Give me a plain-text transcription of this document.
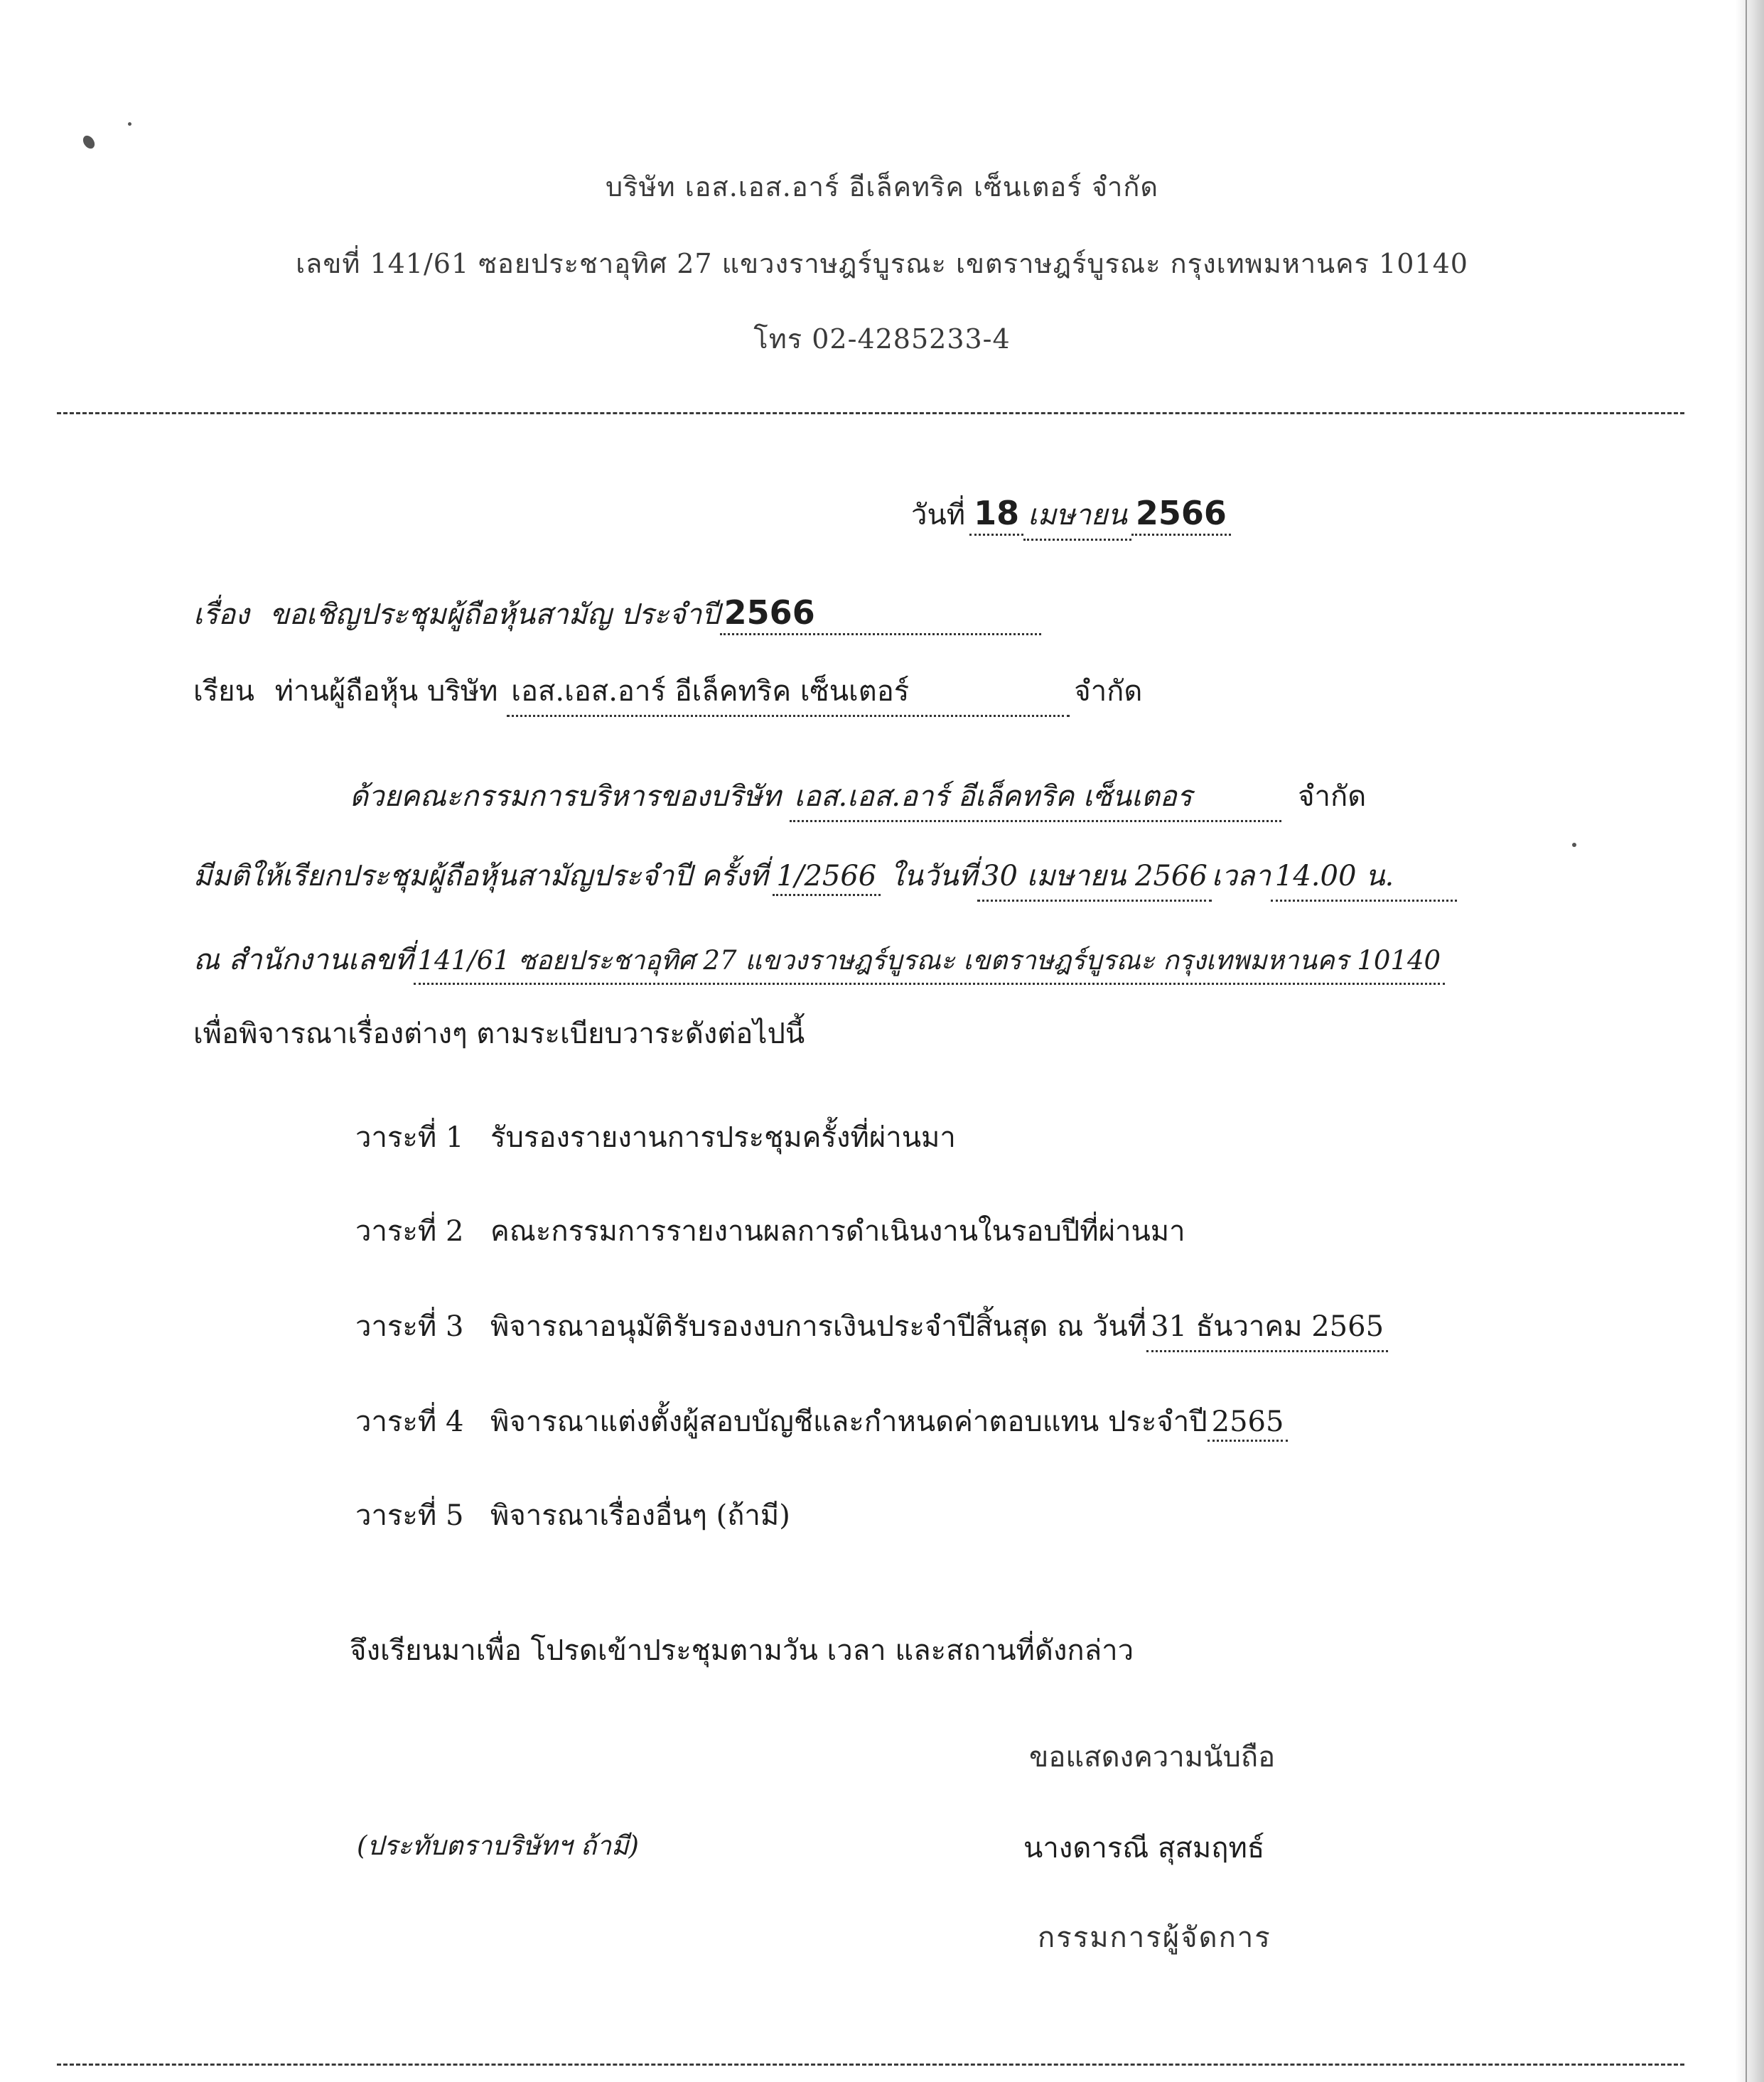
บริษัท เอส.เอส.อาร์ อีเล็คทริค เซ็นเตอร์ จำกัด
เลขที่ 141/61 ซอยประชาอุทิศ 27 แขวงราษฎร์บูรณะ เขตราษฎร์บูรณะ กรุงเทพมหานคร 10140
โทร 02-4285233-4
วันที่ 18 เมษายน 2566
เรื่อง ขอเชิญประชุมผู้ถือหุ้นสามัญ ประจำปี 2566
เรียน ท่านผู้ถือหุ้น บริษัท เอส.เอส.อาร์ อีเล็คทริค เซ็นเตอร์	จำกัด
ด้วยคณะกรรมการบริหารของบริษัท เอส.เอส.อาร์ อีเล็คทริค เซ็นเตอร	จำกัด
มีมติให้เรียกประชุมผู้ถือหุ้นสามัญประจำปี ครั้งที่ 1/2566 ในวันที่ 30 เมษายน 2566 เวลา 14.00 น.
ณ สำนักงานเลขที่ 141/61 ซอยประชาอุทิศ 27 แขวงราษฎร์บูรณะ เขตราษฎร์บูรณะ กรุงเทพมหานคร 10140
เพื่อพิจารณาเรื่องต่างๆ ตามระเบียบวาระดังต่อไปนี้
วาระที่ 1 รับรองรายงานการประชุมครั้งที่ผ่านมา
วาระที่ 2 คณะกรรมการรายงานผลการดำเนินงานในรอบปีที่ผ่านมา
วาระที่ 3 พิจารณาอนุมัติรับรองงบการเงินประจำปีสิ้นสุด ณ วันที่ 31 ธันวาคม 2565
วาระที่ 4 พิจารณาแต่งตั้งผู้สอบบัญชีและกำหนดค่าตอบแทน ประจำปี 2565
วาระที่ 5 พิจารณาเรื่องอื่นๆ (ถ้ามี)
จึงเรียนมาเพื่อ โปรดเข้าประชุมตามวัน เวลา และสถานที่ดังกล่าว
ขอแสดงความนับถือ
(ประทับตราบริษัทฯ ถ้ามี)	นางดารณี สุสมฤทธ์
กรรมการผู้จัดการ
